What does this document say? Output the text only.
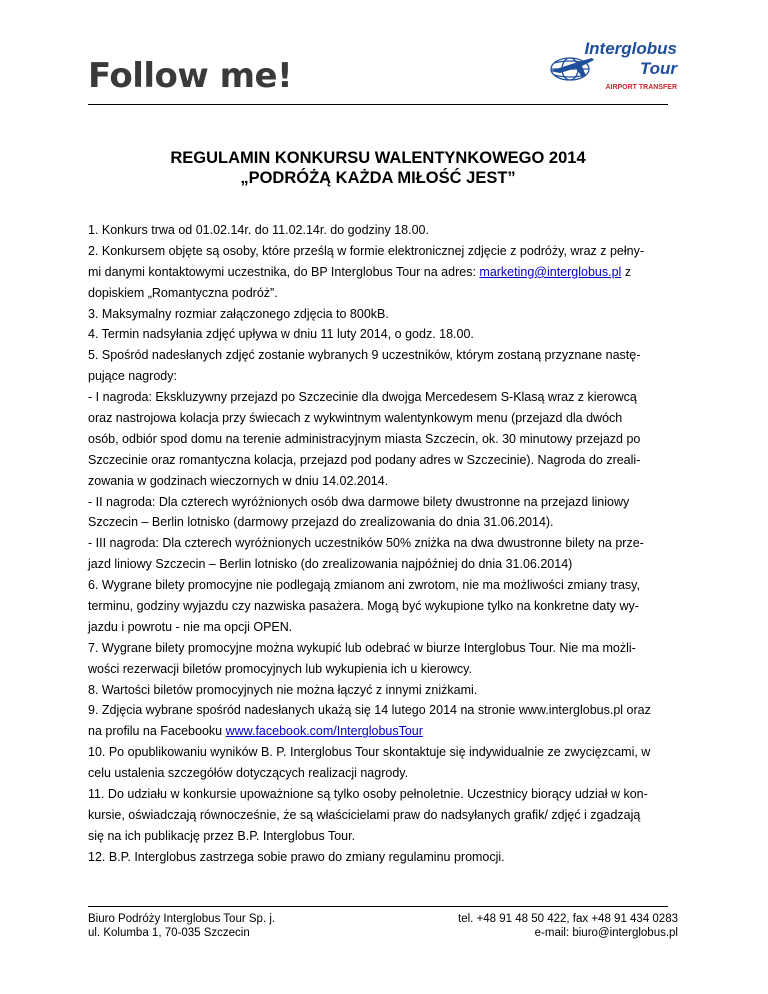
Follow me!
Interglobus
Tour
AIRPORT TRANSFER
REGULAMIN KONKURSU WALENTYNKOWEGO 2014
„PODRÓŻĄ KAŻDA MIŁOŚĆ JEST”
1. Konkurs trwa od 01.02.14r. do 11.02.14r. do godziny 18.00.
2. Konkursem objęte są osoby, które prześlą w formie elektronicznej zdjęcie z podróży, wraz z pełny-
mi danymi kontaktowymi uczestnika, do BP Interglobus Tour na adres: marketing@interglobus.pl z
dopiskiem „Romantyczna podróż”.
3. Maksymalny rozmiar załączonego zdjęcia to 800kB.
4. Termin nadsyłania zdjęć upływa w dniu 11 luty 2014, o godz. 18.00.
5. Spośród nadesłanych zdjęć zostanie wybranych 9 uczestników, którym zostaną przyznane nastę-
pujące nagrody:
- I nagroda: Ekskluzywny przejazd po Szczecinie dla dwojga Mercedesem S-Klasą wraz z kierowcą
oraz nastrojowa kolacja przy świecach z wykwintnym walentynkowym menu (przejazd dla dwóch
osób, odbiór spod domu na terenie administracyjnym miasta Szczecin, ok. 30 minutowy przejazd po
Szczecinie oraz romantyczna kolacja, przejazd pod podany adres w Szczecinie). Nagroda do zreali-
zowania w godzinach wieczornych w dniu 14.02.2014.
- II nagroda: Dla czterech wyróżnionych osób dwa darmowe bilety dwustronne na przejazd liniowy
Szczecin – Berlin lotnisko (darmowy przejazd do zrealizowania do dnia 31.06.2014).
- III nagroda: Dla czterech wyróżnionych uczestników 50% zniżka na dwa dwustronne bilety na prze-
jazd liniowy Szczecin – Berlin lotnisko (do zrealizowania najpóźniej do dnia 31.06.2014)
6. Wygrane bilety promocyjne nie podlegają zmianom ani zwrotom, nie ma możliwości zmiany trasy,
terminu, godziny wyjazdu czy nazwiska pasażera. Mogą być wykupione tylko na konkretne daty wy-
jazdu i powrotu - nie ma opcji OPEN.
7. Wygrane bilety promocyjne można wykupić lub odebrać w biurze Interglobus Tour. Nie ma możli-
wości rezerwacji biletów promocyjnych lub wykupienia ich u kierowcy.
8. Wartości biletów promocyjnych nie można łączyć z innymi zniżkami.
9. Zdjęcia wybrane spośród nadesłanych ukażą się 14 lutego 2014 na stronie www.interglobus.pl oraz
na profilu na Facebooku www.facebook.com/InterglobusTour
10. Po opublikowaniu wyników B. P. Interglobus Tour skontaktuje się indywidualnie ze zwycięzcami, w
celu ustalenia szczegółów dotyczących realizacji nagrody.
11. Do udziału w konkursie upoważnione są tylko osoby pełnoletnie. Uczestnicy biorący udział w kon-
kursie, oświadczają równocześnie, że są właścicielami praw do nadsyłanych grafik/ zdjęć i zgadzają
się na ich publikację przez B.P. Interglobus Tour.
12. B.P. Interglobus zastrzega sobie prawo do zmiany regulaminu promocji.
Biuro Podróży Interglobus Tour Sp. j.
ul. Kolumba 1, 70-035 Szczecin
tel. +48 91 48 50 422, fax +48 91 434 0283
e-mail: biuro@interglobus.pl
